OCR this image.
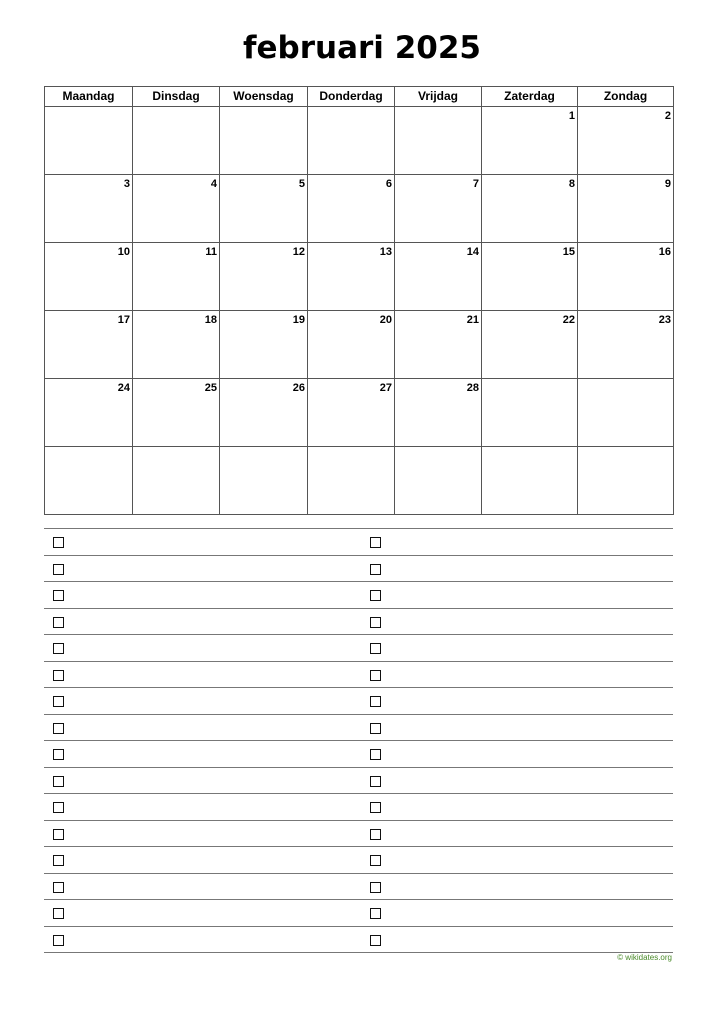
februari 2025
Maandag	Dinsdag	Woensdag	Donderdag	Vrijdag	Zaterdag	Zondag

					1	2

3	4	5	6	7	8	9

10	11	12	13	14	15	16

17	18	19	20	21	22	23

24	25	26	27	28		

© wikidates.org
